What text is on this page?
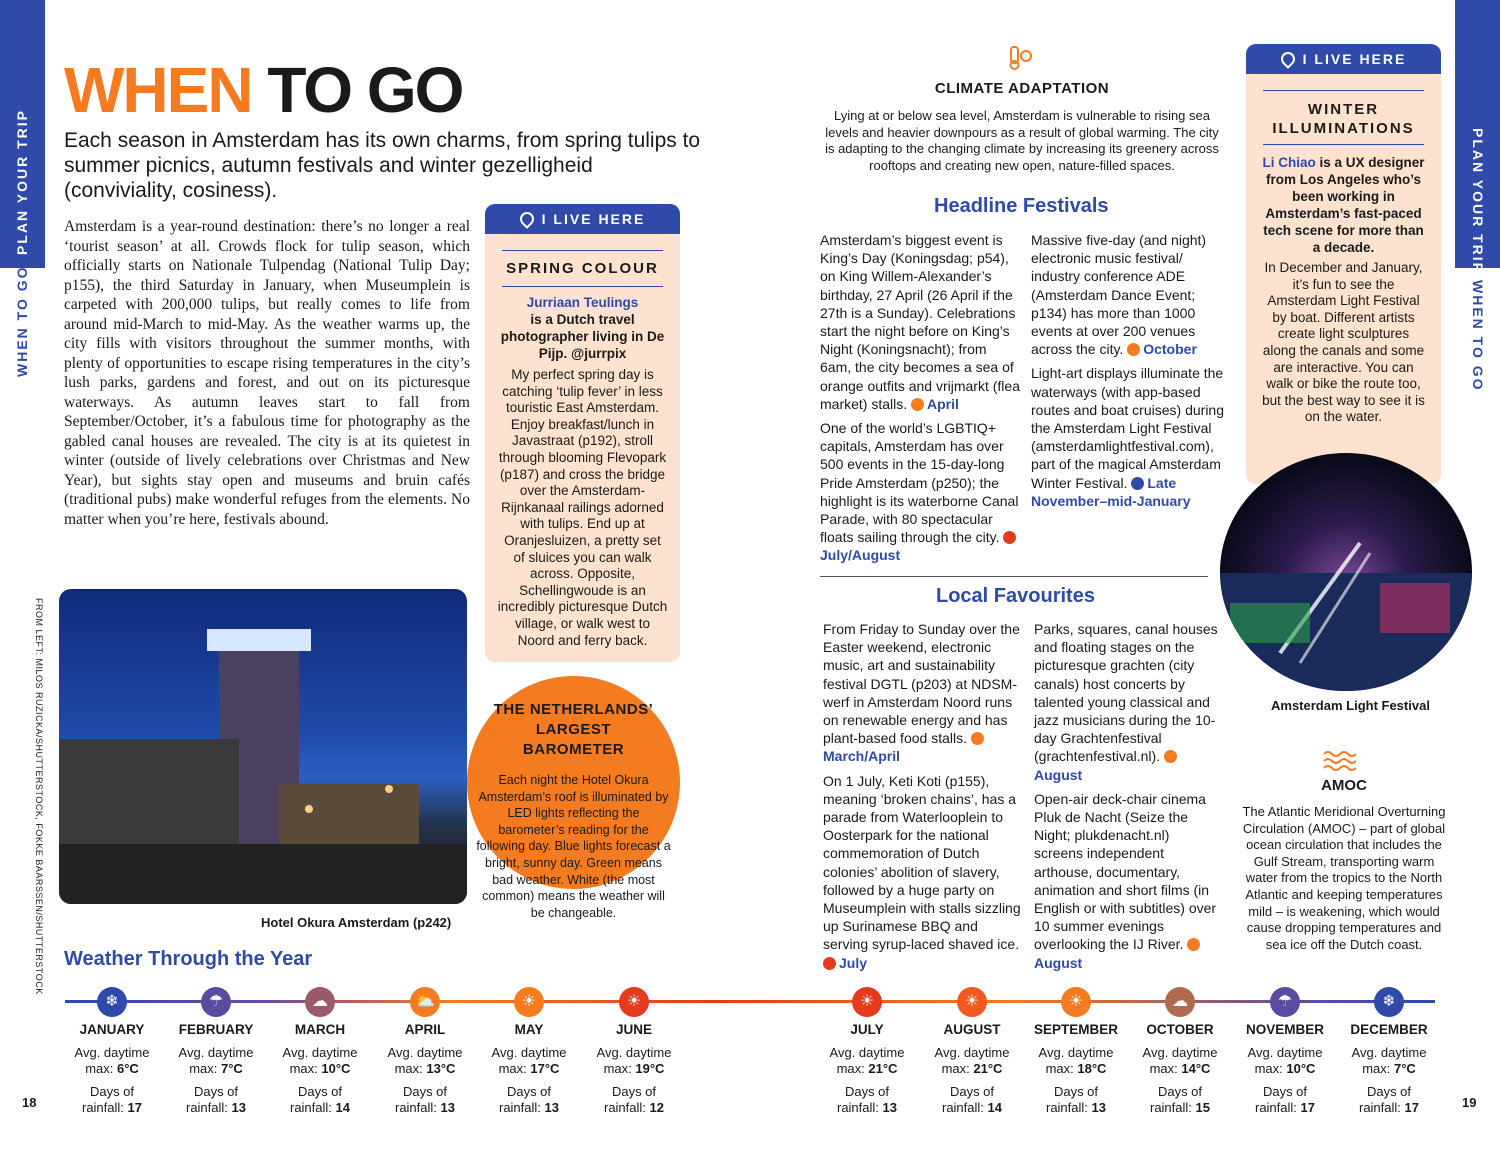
PLAN YOUR TRIP
WHEN TO GO
18
PLAN YOUR TRIP
WHEN TO GO
19
WHEN TO GO
Each season in Amsterdam has its own charms, from spring tulips to summer picnics, autumn festivals and winter gezelligheid (conviviality, cosiness).
Amsterdam is a year-round destination: there’s no longer a real ‘tourist season’ at all. Crowds flock for tulip season, which officially starts on Nationale Tulpendag (National Tulip Day; p155), the third Saturday in January, when Museumplein is carpeted with 200,000 tulips, but really comes to life from around mid-March to mid-May. As the weather warms up, the city fills with visitors throughout the summer months, with plenty of opportunities to escape rising temperatures in the city’s lush parks, gardens and forest, and out on its picturesque waterways. As autumn leaves start to fall from September/October, it’s a fabulous time for photography as the gabled canal houses are revealed. The city is at its quietest in winter (outside of lively celebrations over Christmas and New Year), but sights stay open and museums and bruin cafés (traditional pubs) make wonderful refuges from the elements. No matter when you’re here, festivals abound.
I LIVE HERE
SPRING COLOUR
Jurriaan Teulings
is a Dutch travel photographer living in De Pijp. @jurrpix
My perfect spring day is catching ‘tulip fever’ in less touristic East Amsterdam. Enjoy breakfast/lunch in Javastraat (p192), stroll through blooming Flevopark (p187) and cross the bridge over the Amsterdam-Rijnkanaal railings adorned with tulips. End up at Oranjesluizen, a pretty set of sluices you can walk across. Opposite, Schellingwoude is an incredibly picturesque Dutch village, or walk west to Noord and ferry back.
FROM LEFT: MILOS RUZICKA/SHUTTERSTOCK, FOKKE BAARSSEN/SHUTTERSTOCK	Hotel Okura Amsterdam (p242)
THE NETHERLANDS’ LARGEST BAROMETER

Each night the Hotel Okura Amsterdam’s roof is illuminated by LED lights reflecting the barometer’s reading for the following day. Blue lights forecast a bright, sunny day. Green means bad weather. White (the most common) means the weather will be changeable.

CLIMATE ADAPTATION
Lying at or below sea level, Amsterdam is vulnerable to rising sea levels and heavier downpours as a result of global warming. The city is adapting to the changing climate by increasing its greenery across rooftops and creating new open, nature-filled spaces.
Headline Festivals

Amsterdam’s biggest event is King’s Day (Koningsdag; p54), on King Willem-Alexander’s birthday, 27 April (26 April if the 27th is a Sunday). Celebrations start the night before on King’s Night (Koningsnacht); from 6am, the city becomes a sea of orange outfits and vrijmarkt (flea market) stalls. April

One of the world’s LGBTIQ+ capitals, Amsterdam has over 500 events in the 15-day-long Pride Amsterdam (p250); the highlight is its waterborne Canal Parade, with 80 spectacular floats sailing through the city. July/August

Massive five-day (and night) electronic music festival/ industry conference ADE (Amsterdam Dance Event; p134) has more than 1000 events at over 200 venues across the city. October

Light-art displays illuminate the waterways (with app-based routes and boat cruises) during the Amsterdam Light Festival (amsterdamlightfestival.com), part of the magical Amsterdam Winter Festival. Late November–mid-January

Local Favourites

From Friday to Sunday over the Easter weekend, electronic music, art and sustainability festival DGTL (p203) at NDSM-werf in Amsterdam Noord runs on renewable energy and has plant-based food stalls. March/April

On 1 July, Keti Koti (p155), meaning ‘broken chains’, has a parade from Waterlooplein to Oosterpark for the national commemoration of Dutch colonies’ abolition of slavery, followed by a huge party on Museumplein with stalls sizzling up Surinamese BBQ and serving syrup-laced shaved ice. July

Parks, squares, canal houses and floating stages on the picturesque grachten (city canals) host concerts by talented young classical and jazz musicians during the 10-day Grachtenfestival (grachtenfestival.nl). August

Open-air deck-chair cinema Pluk de Nacht (Seize the Night; plukdenacht.nl) screens independent arthouse, documentary, animation and short films (in English or with subtitles) over 10 summer evenings overlooking the IJ River. August

I LIVE HERE
WINTER ILLUMINATIONS
Li Chiao is a UX designer from Los Angeles who’s been working in Amsterdam’s fast-paced tech scene for more than a decade.
In December and January, it’s fun to see the Amsterdam Light Festival by boat. Different artists create light sculptures along the canals and some are interactive. You can walk or bike the route too, but the best way to see it is on the water.
Amsterdam Light Festival
AMOC
The Atlantic Meridional Overturning Circulation (AMOC) – part of global ocean circulation that includes the Gulf Stream, transporting warm water from the tropics to the North Atlantic and keeping temperatures mild – is weakening, which would cause dropping temperatures and sea ice off the Dutch coast.
Weather Through the Year
❄
JANUARY
Avg. daytime
max: 6°C
Days of
rainfall: 17
☂
FEBRUARY
Avg. daytime
max: 7°C
Days of
rainfall: 13
☁
MARCH
Avg. daytime
max: 10°C
Days of
rainfall: 14
⛅
APRIL
Avg. daytime
max: 13°C
Days of
rainfall: 13
☀
MAY
Avg. daytime
max: 17°C
Days of
rainfall: 13
☀
JUNE
Avg. daytime
max: 19°C
Days of
rainfall: 12
☀
JULY
Avg. daytime
max: 21°C
Days of
rainfall: 13
☀
AUGUST
Avg. daytime
max: 21°C
Days of
rainfall: 14
☀
SEPTEMBER
Avg. daytime
max: 18°C
Days of
rainfall: 13
☁
OCTOBER
Avg. daytime
max: 14°C
Days of
rainfall: 15
☂
NOVEMBER
Avg. daytime
max: 10°C
Days of
rainfall: 17
❄
DECEMBER
Avg. daytime
max: 7°C
Days of
rainfall: 17
